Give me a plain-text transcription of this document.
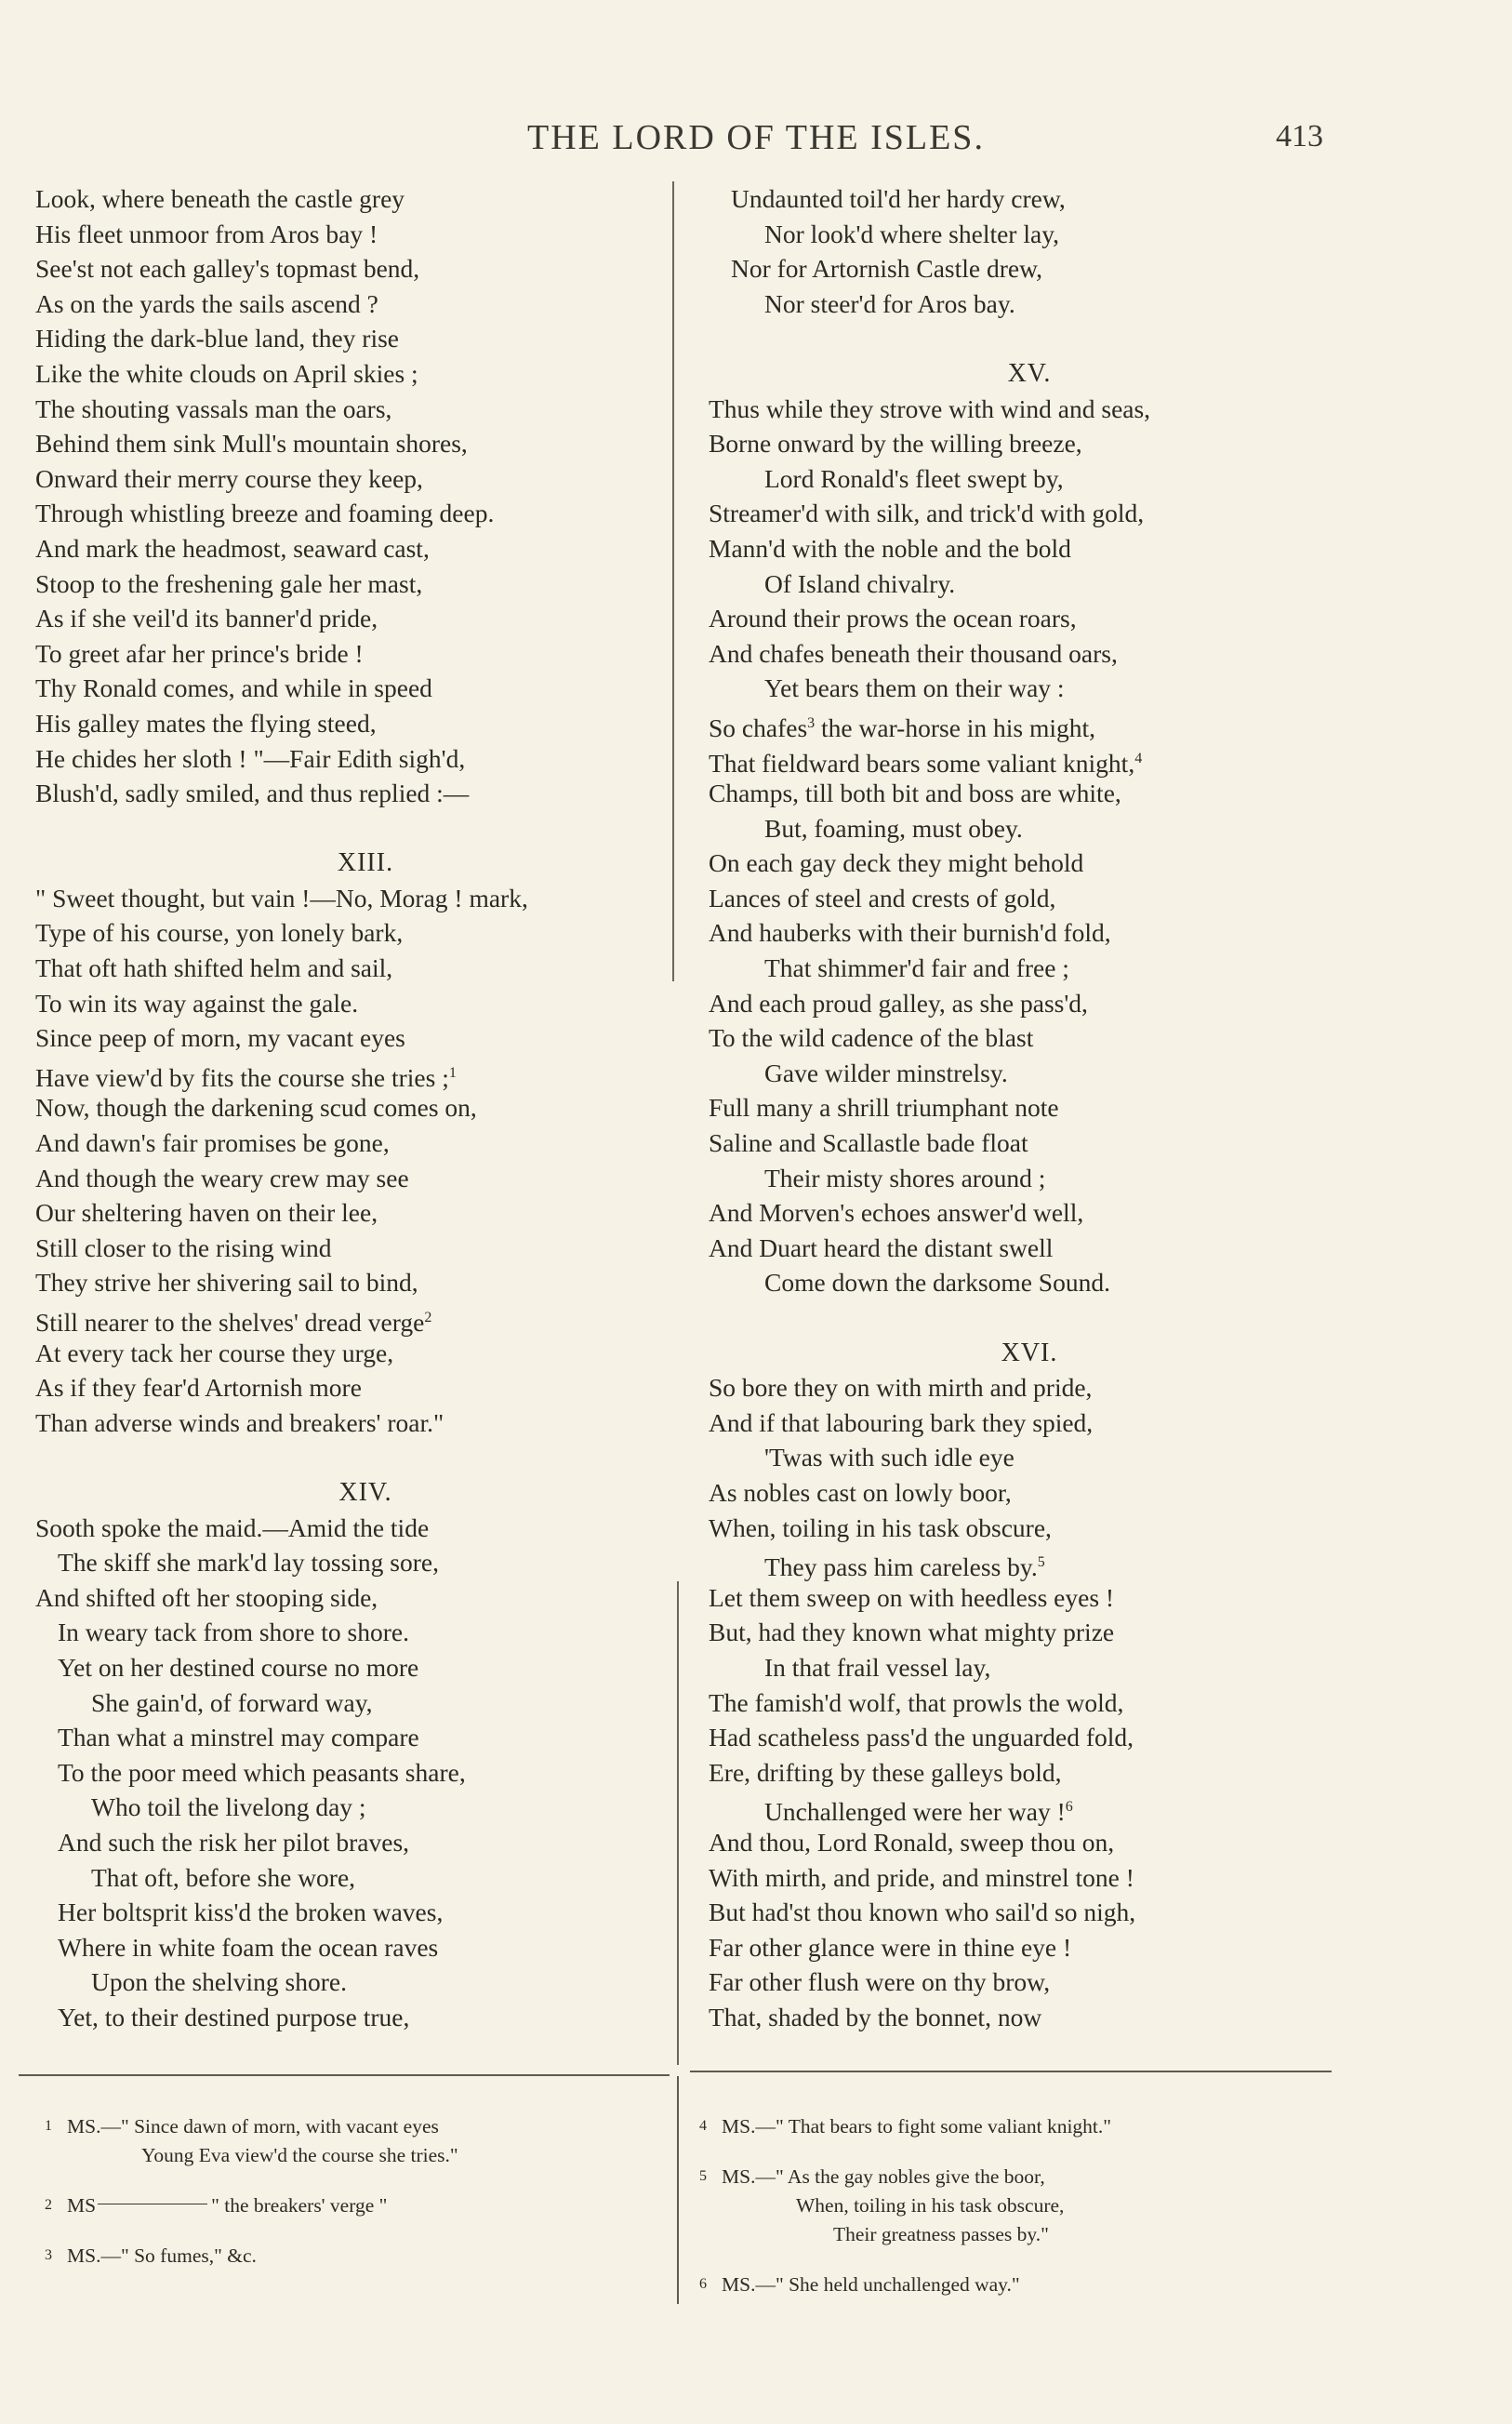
THE LORD OF THE ISLES.	413
Look, where beneath the castle grey
His fleet unmoor from Aros bay !
See'st not each galley's topmast bend,
As on the yards the sails ascend ?
Hiding the dark-blue land, they rise
Like the white clouds on April skies ;
The shouting vassals man the oars,
Behind them sink Mull's mountain shores,
Onward their merry course they keep,
Through whistling breeze and foaming deep.
And mark the headmost, seaward cast,
Stoop to the freshening gale her mast,
As if she veil'd its banner'd pride,
To greet afar her prince's bride !
Thy Ronald comes, and while in speed
His galley mates the flying steed,
He chides her sloth ! "—Fair Edith sigh'd,
Blush'd, sadly smiled, and thus replied :—
XIII.
" Sweet thought, but vain !—No, Morag ! mark,
Type of his course, yon lonely bark,
That oft hath shifted helm and sail,
To win its way against the gale.
Since peep of morn, my vacant eyes
Have view'd by fits the course she tries ;$^1$
Now, though the darkening scud comes on,
And dawn's fair promises be gone,
And though the weary crew may see
Our sheltering haven on their lee,
Still closer to the rising wind
They strive her shivering sail to bind,
Still nearer to the shelves' dread verge$^2$
At every tack her course they urge,
As if they fear'd Artornish more
Than adverse winds and breakers' roar."
XIV.
Sooth spoke the maid.—Amid the tide
The skiff she mark'd lay tossing sore,
And shifted oft her stooping side,
In weary tack from shore to shore.
Yet on her destined course no more
She gain'd, of forward way,
Than what a minstrel may compare
To the poor meed which peasants share,
Who toil the livelong day ;
And such the risk her pilot braves,
That oft, before she wore,
Her boltsprit kiss'd the broken waves,
Where in white foam the ocean raves
Upon the shelving shore.
Yet, to their destined purpose true,
Undaunted toil'd her hardy crew,
Nor look'd where shelter lay,
Nor for Artornish Castle drew,
Nor steer'd for Aros bay.
XV.
Thus while they strove with wind and seas,
Borne onward by the willing breeze,
Lord Ronald's fleet swept by,
Streamer'd with silk, and trick'd with gold,
Mann'd with the noble and the bold
Of Island chivalry.
Around their prows the ocean roars,
And chafes beneath their thousand oars,
Yet bears them on their way :
So chafes$^3$ the war-horse in his might,
That fieldward bears some valiant knight,$^4$
Champs, till both bit and boss are white,
But, foaming, must obey.
On each gay deck they might behold
Lances of steel and crests of gold,
And hauberks with their burnish'd fold,
That shimmer'd fair and free ;
And each proud galley, as she pass'd,
To the wild cadence of the blast
Gave wilder minstrelsy.
Full many a shrill triumphant note
Saline and Scallastle bade float
Their misty shores around ;
And Morven's echoes answer'd well,
And Duart heard the distant swell
Come down the darksome Sound.
XVI.
So bore they on with mirth and pride,
And if that labouring bark they spied,
'Twas with such idle eye
As nobles cast on lowly boor,
When, toiling in his task obscure,
They pass him careless by.$^5$
Let them sweep on with heedless eyes !
But, had they known what mighty prize
In that frail vessel lay,
The famish'd wolf, that prowls the wold,
Had scatheless pass'd the unguarded fold,
Ere, drifting by these galleys bold,
Unchallenged were her way !$^6$
And thou, Lord Ronald, sweep thou on,
With mirth, and pride, and minstrel tone !
But had'st thou known who sail'd so nigh,
Far other glance were in thine eye !
Far other flush were on thy brow,
That, shaded by the bonnet, now
1 MS.—" Since dawn of morn, with vacant eyes
Young Eva view'd the course she tries."
2 MS	" the breakers' verge "
3 MS.—" So fumes," &c.
4 MS.—" That bears to fight some valiant knight."
5 MS.—" As the gay nobles give the boor,
When, toiling in his task obscure,
Their greatness passes by."
6 MS.—" She held unchallenged way."
